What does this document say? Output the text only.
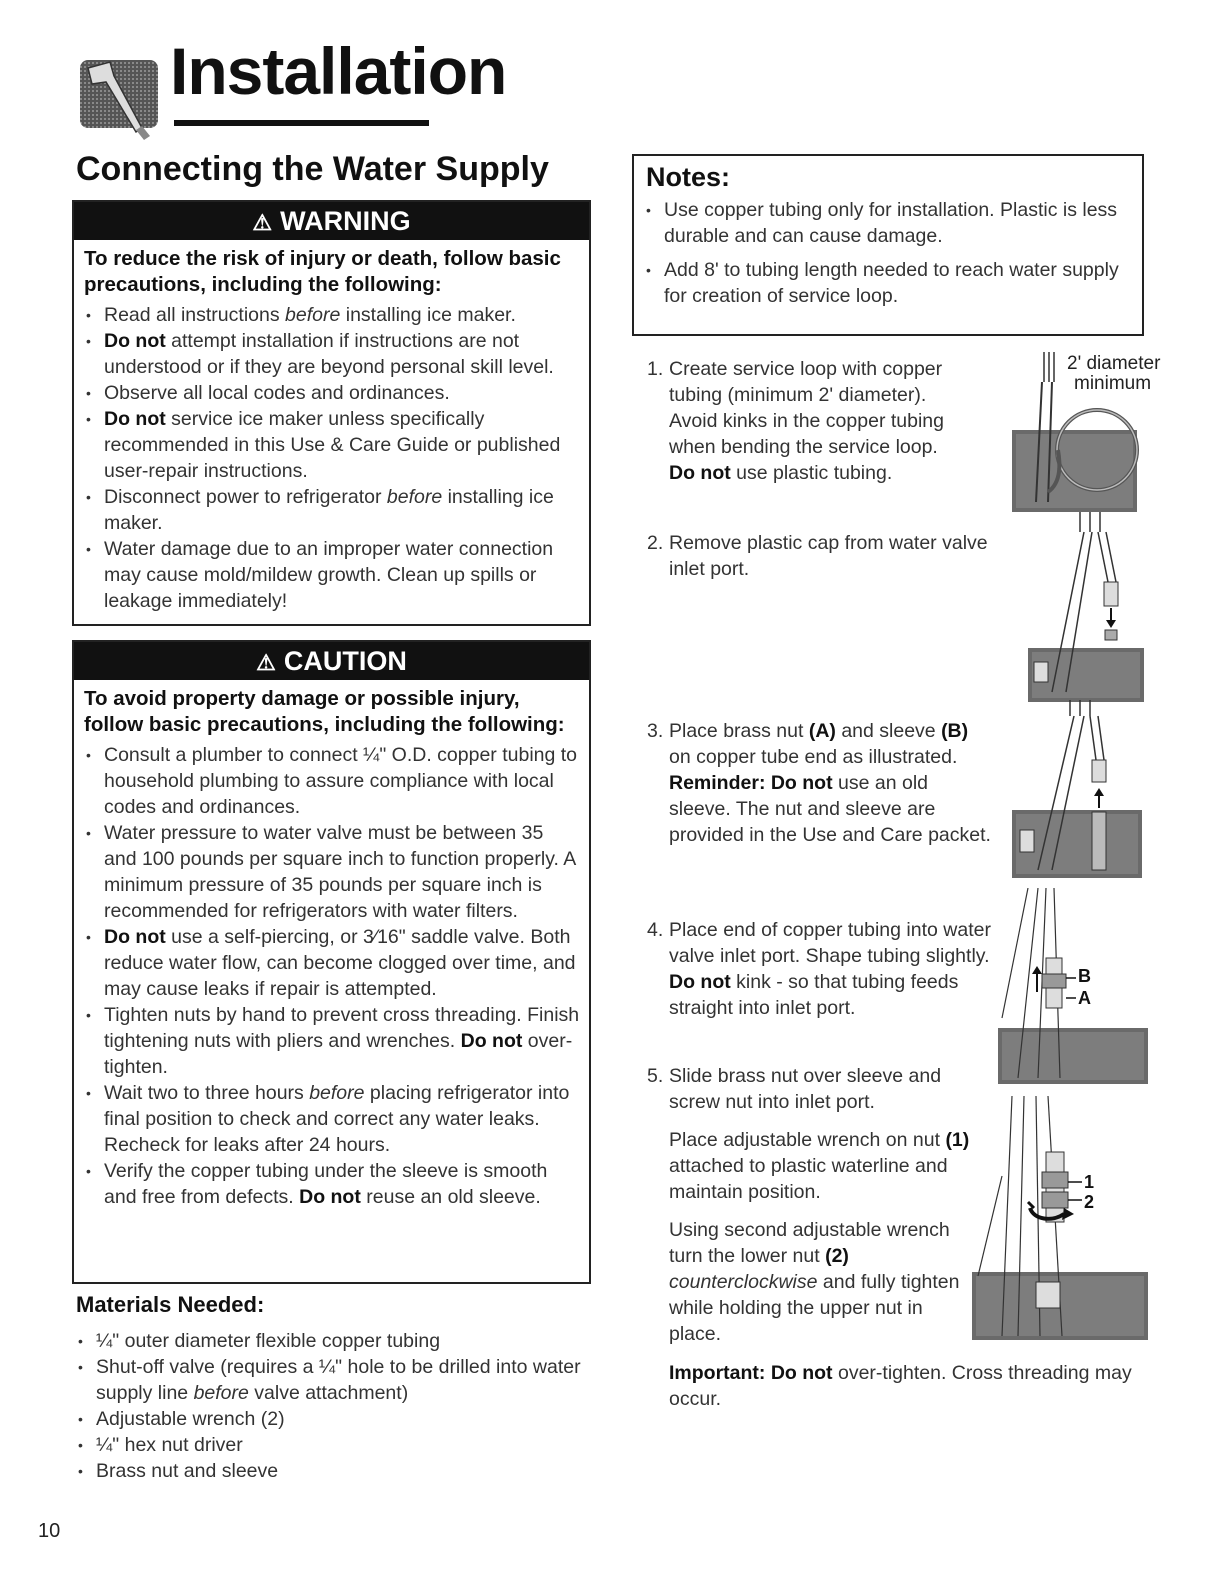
Installation
Connecting the Water Supply
⚠ WARNING
To reduce the risk of injury or death, follow basic precautions, including the following:
• Read all instructions before installing ice maker.
• Do not attempt installation if instructions are not understood or if they are beyond personal skill level.
• Observe all local codes and ordinances.
• Do not service ice maker unless specifically recommended in this Use & Care Guide or published user-repair instructions.
• Disconnect power to refrigerator before installing ice maker.
• Water damage due to an improper water connection may cause mold/mildew growth. Clean up spills or leakage immediately!
⚠ CAUTION
To avoid property damage or possible injury, follow basic precautions, including the following:
• Consult a plumber to connect ¼" O.D. copper tubing to household plumbing to assure compliance with local codes and ordinances.
• Water pressure to water valve must be between 35 and 100 pounds per square inch to function properly. A minimum pressure of 35 pounds per square inch is recommended for refrigerators with water filters.
• Do not use a self-piercing, or 3⁄16" saddle valve. Both reduce water flow, can become clogged over time, and may cause leaks if repair is attempted.
• Tighten nuts by hand to prevent cross threading. Finish tightening nuts with pliers and wrenches. Do not over-tighten.
• Wait two to three hours before placing refrigerator into final position to check and correct any water leaks. Recheck for leaks after 24 hours.
• Verify the copper tubing under the sleeve is smooth and free from defects. Do not reuse an old sleeve.
Materials Needed:
• ¼" outer diameter flexible copper tubing
• Shut-off valve (requires a ¼" hole to be drilled into water supply line before valve attachment)
• Adjustable wrench (2)
• ¼" hex nut driver
• Brass nut and sleeve
10
Notes:
• Use copper tubing only for installation. Plastic is less durable and can cause damage.
• Add 8' to tubing length needed to reach water supply for creation of service loop.
1. Create service loop with copper tubing (minimum 2' diameter). Avoid kinks in the copper tubing when bending the service loop. Do not use plastic tubing.
2. Remove plastic cap from water valve inlet port.
3. Place brass nut (A) and sleeve (B) on copper tube end as illustrated.
Reminder: Do not use an old sleeve. The nut and sleeve are provided in the Use and Care packet.
4. Place end of copper tubing into water valve inlet port. Shape tubing slightly. Do not kink - so that tubing feeds straight into inlet port.
5. Slide brass nut over sleeve and screw nut into inlet port.
Place adjustable wrench on nut (1) attached to plastic waterline and maintain position.
Using second adjustable wrench turn the lower nut (2)
counterclockwise and fully tighten while holding the upper nut in place.
Important: Do not over-tighten. Cross threading may occur.
2' diameter
minimum
B
A
1
2
